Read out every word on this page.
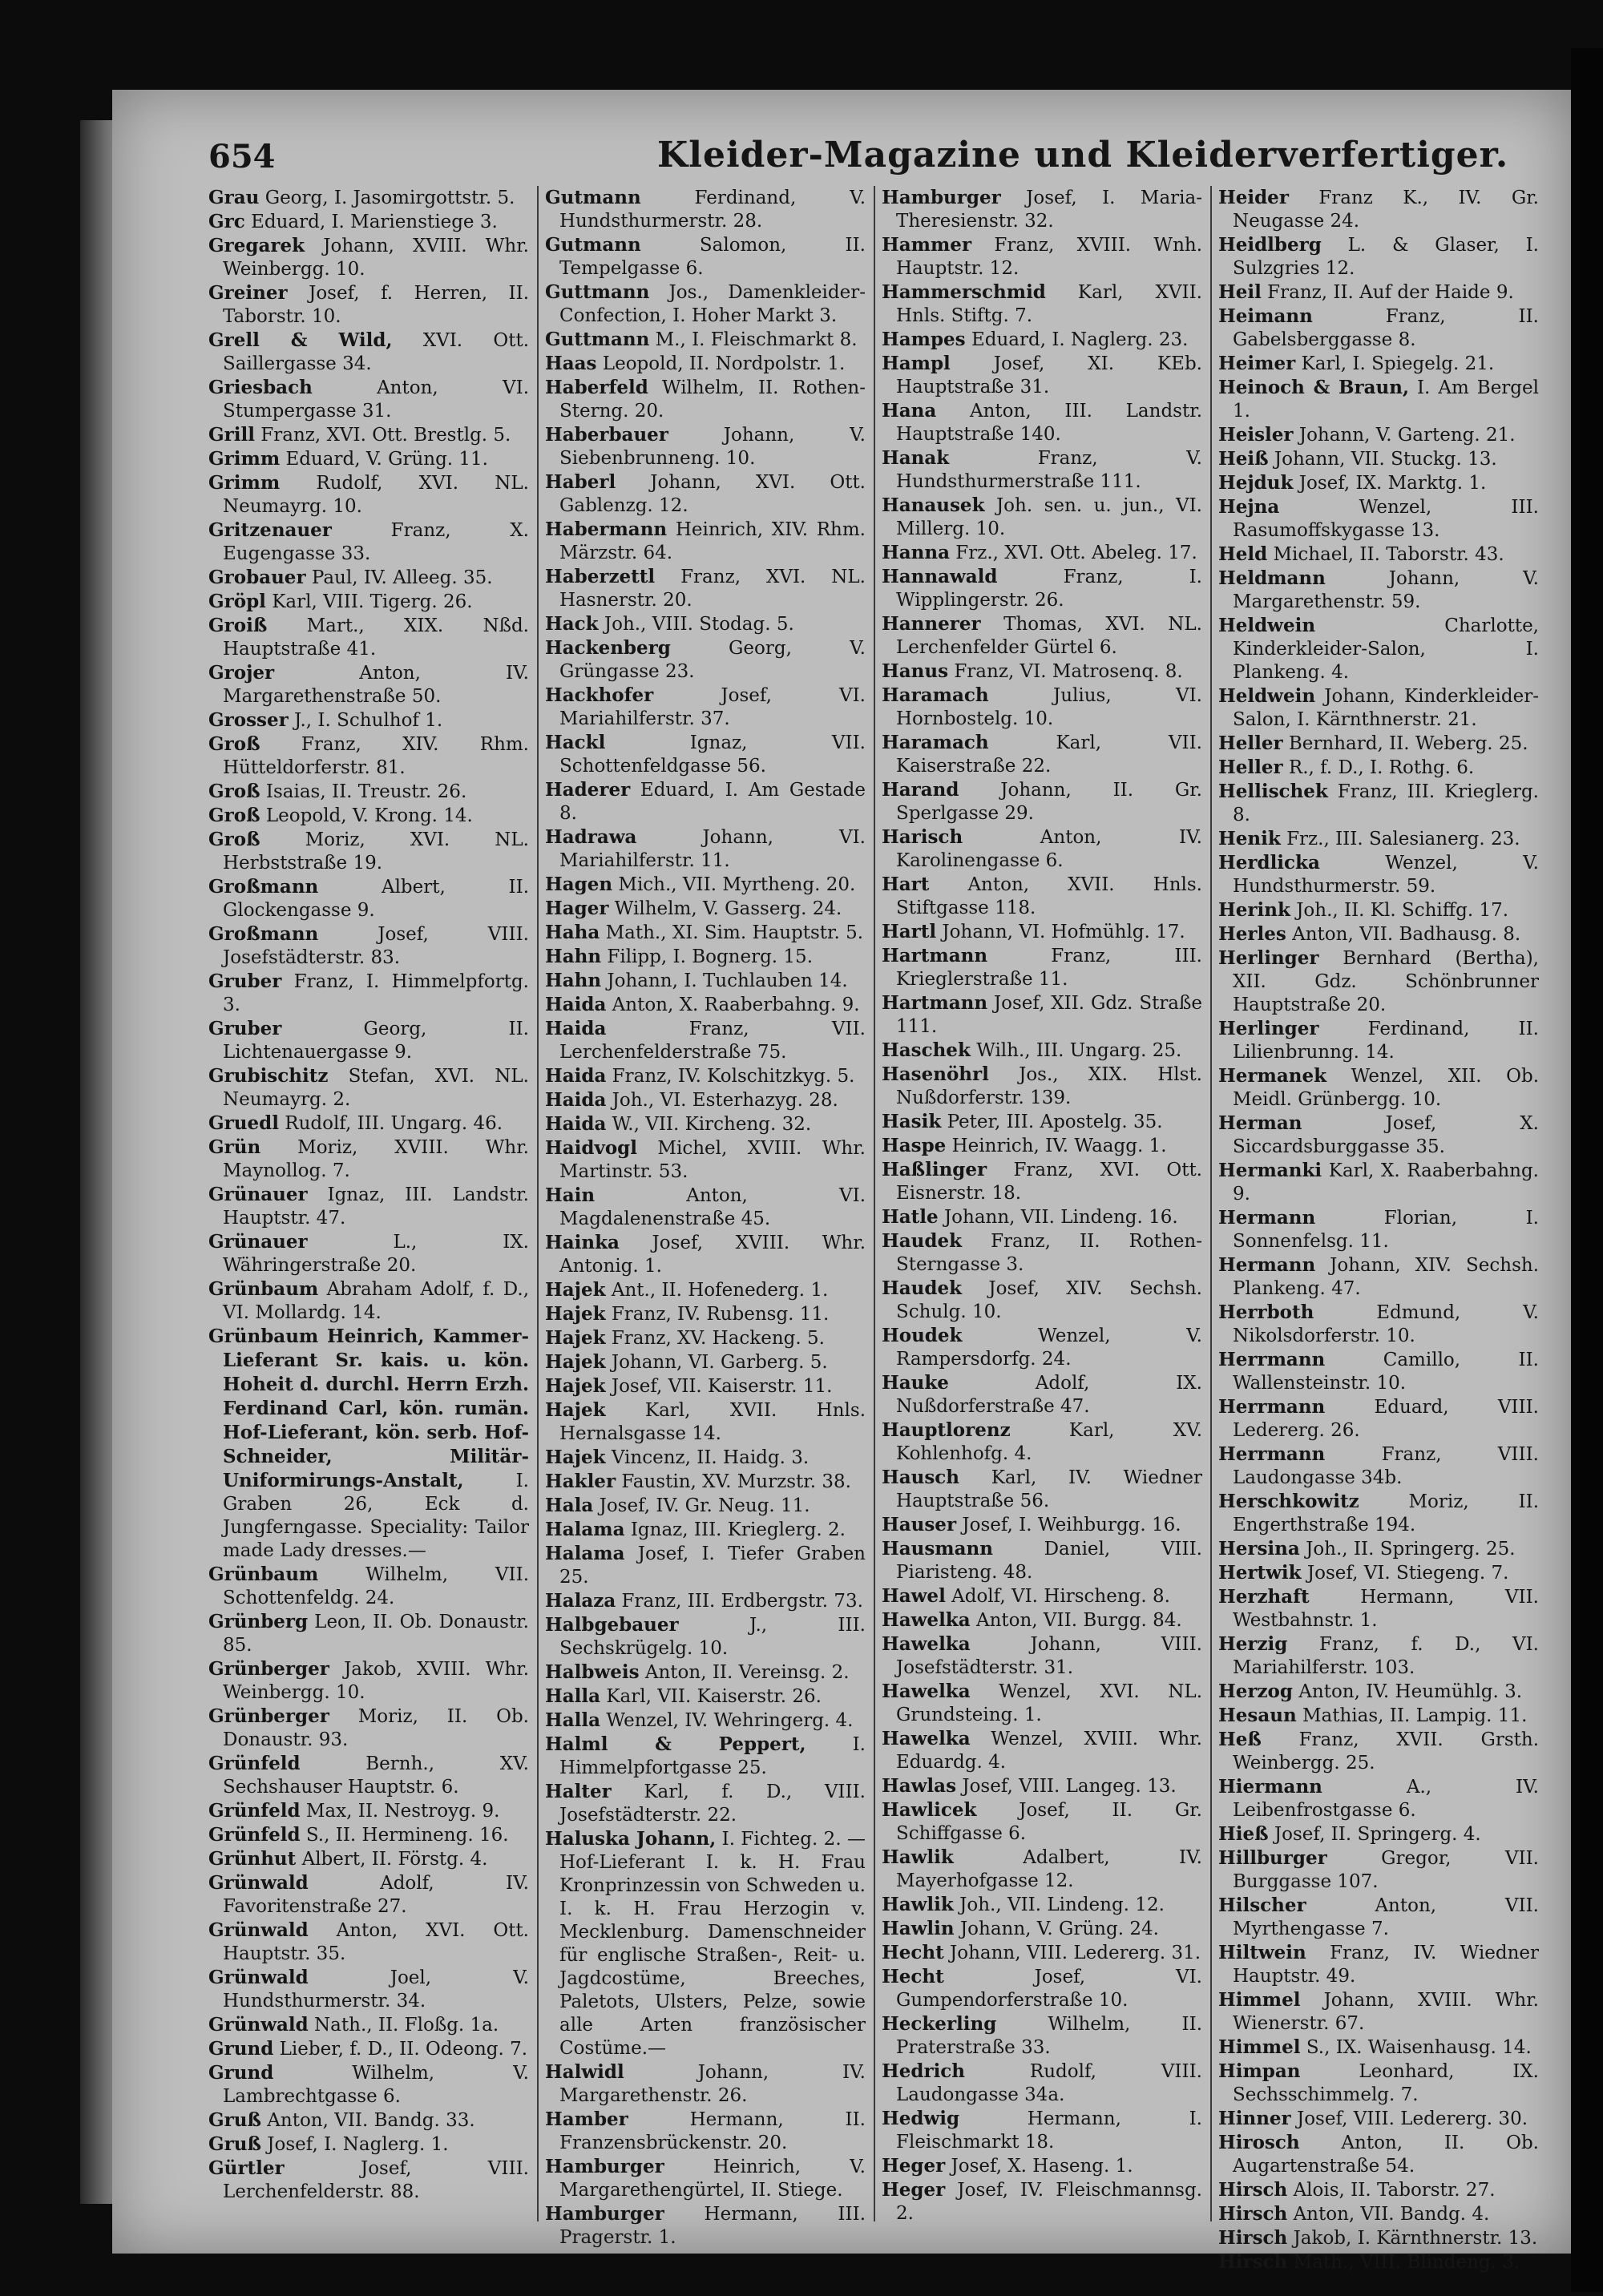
654	Kleider-Magazine und Kleiderverfertiger.
Grau Georg, I. Jasomirgottstr. 5.
Grc Eduard, I. Marienstiege 3.
Gregarek Johann, XVIII. Whr. Weinbergg. 10.
Greiner Josef, f. Herren, II. Taborstr. 10.
Grell & Wild, XVI. Ott. Saillergasse 34.
Griesbach Anton, VI. Stumpergasse 31.
Grill Franz, XVI. Ott. Brestlg. 5.
Grimm Eduard, V. Grüng. 11.
Grimm Rudolf, XVI. NL. Neumayrg. 10.
Gritzenauer Franz, X. Eugengasse 33.
Grobauer Paul, IV. Alleeg. 35.
Gröpl Karl, VIII. Tigerg. 26.
Groiß Mart., XIX. Nßd. Hauptstraße 41.
Grojer Anton, IV. Margarethenstraße 50.
Grosser J., I. Schulhof 1.
Groß Franz, XIV. Rhm. Hütteldorferstr. 81.
Groß Isaias, II. Treustr. 26.
Groß Leopold, V. Krong. 14.
Groß Moriz, XVI. NL. Herbststraße 19.
Großmann Albert, II. Glockengasse 9.
Großmann Josef, VIII. Josefstädterstr. 83.
Gruber Franz, I. Himmelpfortg. 3.
Gruber Georg, II. Lichtenauergasse 9.
Grubischitz Stefan, XVI. NL. Neumayrg. 2.
Gruedl Rudolf, III. Ungarg. 46.
Grün Moriz, XVIII. Whr. Maynollog. 7.
Grünauer Ignaz, III. Landstr. Hauptstr. 47.
Grünauer L., IX. Währingerstraße 20.
Grünbaum Abraham Adolf, f. D., VI. Mollardg. 14.
Grünbaum Heinrich, Kammer-Lieferant Sr. kais. u. kön. Hoheit d. durchl. Herrn Erzh. Ferdinand Carl, kön. rumän. Hof-Lieferant, kön. serb. Hof-Schneider, Militär-Uniformirungs-Anstalt, I. Graben 26, Eck d. Jungferngasse. Speciality: Tailor made Lady dresses.—
Grünbaum Wilhelm, VII. Schottenfeldg. 24.
Grünberg Leon, II. Ob. Donaustr. 85.
Grünberger Jakob, XVIII. Whr. Weinbergg. 10.
Grünberger Moriz, II. Ob. Donaustr. 93.
Grünfeld Bernh., XV. Sechshauser Hauptstr. 6.
Grünfeld Max, II. Nestroyg. 9.
Grünfeld S., II. Hermineng. 16.
Grünhut Albert, II. Förstg. 4.
Grünwald Adolf, IV. Favoritenstraße 27.
Grünwald Anton, XVI. Ott. Hauptstr. 35.
Grünwald Joel, V. Hundsthurmerstr. 34.
Grünwald Nath., II. Floßg. 1a.
Grund Lieber, f. D., II. Odeong. 7.
Grund Wilhelm, V. Lambrechtgasse 6.
Gruß Anton, VII. Bandg. 33.
Gruß Josef, I. Naglerg. 1.
Gürtler Josef, VIII. Lerchenfelderstr. 88.
Gutmann Ferdinand, V. Hundsthurmerstr. 28.
Gutmann Salomon, II. Tempelgasse 6.
Guttmann Jos., Damenkleider-Confection, I. Hoher Markt 3.
Guttmann M., I. Fleischmarkt 8.
Haas Leopold, II. Nordpolstr. 1.
Haberfeld Wilhelm, II. Rothen-Sterng. 20.
Haberbauer Johann, V. Siebenbrunneng. 10.
Haberl Johann, XVI. Ott. Gablenzg. 12.
Habermann Heinrich, XIV. Rhm. Märzstr. 64.
Haberzettl Franz, XVI. NL. Hasnerstr. 20.
Hack Joh., VIII. Stodag. 5.
Hackenberg Georg, V. Grüngasse 23.
Hackhofer Josef, VI. Mariahilferstr. 37.
Hackl Ignaz, VII. Schottenfeldgasse 56.
Haderer Eduard, I. Am Gestade 8.
Hadrawa Johann, VI. Mariahilferstr. 11.
Hagen Mich., VII. Myrtheng. 20.
Hager Wilhelm, V. Gasserg. 24.
Haha Math., XI. Sim. Hauptstr. 5.
Hahn Filipp, I. Bognerg. 15.
Hahn Johann, I. Tuchlauben 14.
Haida Anton, X. Raaberbahng. 9.
Haida Franz, VII. Lerchenfelderstraße 75.
Haida Franz, IV. Kolschitzkyg. 5.
Haida Joh., VI. Esterhazyg. 28.
Haida W., VII. Kircheng. 32.
Haidvogl Michel, XVIII. Whr. Martinstr. 53.
Hain Anton, VI. Magdalenenstraße 45.
Hainka Josef, XVIII. Whr. Antonig. 1.
Hajek Ant., II. Hofenederg. 1.
Hajek Franz, IV. Rubensg. 11.
Hajek Franz, XV. Hackeng. 5.
Hajek Johann, VI. Garberg. 5.
Hajek Josef, VII. Kaiserstr. 11.
Hajek Karl, XVII. Hnls. Hernalsgasse 14.
Hajek Vincenz, II. Haidg. 3.
Hakler Faustin, XV. Murzstr. 38.
Hala Josef, IV. Gr. Neug. 11.
Halama Ignaz, III. Krieglerg. 2.
Halama Josef, I. Tiefer Graben 25.
Halaza Franz, III. Erdbergstr. 73.
Halbgebauer J., III. Sechskrügelg. 10.
Halbweis Anton, II. Vereinsg. 2.
Halla Karl, VII. Kaiserstr. 26.
Halla Wenzel, IV. Wehringerg. 4.
Halml & Peppert, I. Himmelpfortgasse 25.
Halter Karl, f. D., VIII. Josefstädterstr. 22.
Haluska Johann, I. Fichteg. 2. —Hof-Lieferant I. k. H. Frau Kronprinzessin von Schweden u. I. k. H. Frau Herzogin v. Mecklenburg. Damenschneider für englische Straßen-, Reit- u. Jagdcostüme, Breeches, Paletots, Ulsters, Pelze, sowie alle Arten französischer Costüme.—
Halwidl Johann, IV. Margarethenstr. 26.
Hamber Hermann, II. Franzensbrückenstr. 20.
Hamburger Heinrich, V. Margarethengürtel, II. Stiege.
Hamburger Hermann, III. Pragerstr. 1.
Hamburger Josef, I. Maria-Theresienstr. 32.
Hammer Franz, XVIII. Wnh. Hauptstr. 12.
Hammerschmid Karl, XVII. Hnls. Stiftg. 7.
Hampes Eduard, I. Naglerg. 23.
Hampl Josef, XI. KEb. Hauptstraße 31.
Hana Anton, III. Landstr. Hauptstraße 140.
Hanak Franz, V. Hundsthurmerstraße 111.
Hanausek Joh. sen. u. jun., VI. Millerg. 10.
Hanna Frz., XVI. Ott. Abeleg. 17.
Hannawald Franz, I. Wipplingerstr. 26.
Hannerer Thomas, XVI. NL. Lerchenfelder Gürtel 6.
Hanus Franz, VI. Matrosenq. 8.
Haramach Julius, VI. Hornbostelg. 10.
Haramach Karl, VII. Kaiserstraße 22.
Harand Johann, II. Gr. Sperlgasse 29.
Harisch Anton, IV. Karolinengasse 6.
Hart Anton, XVII. Hnls. Stiftgasse 118.
Hartl Johann, VI. Hofmühlg. 17.
Hartmann Franz, III. Krieglerstraße 11.
Hartmann Josef, XII. Gdz. Straße 111.
Haschek Wilh., III. Ungarg. 25.
Hasenöhrl Jos., XIX. Hlst. Nußdorferstr. 139.
Hasik Peter, III. Apostelg. 35.
Haspe Heinrich, IV. Waagg. 1.
Haßlinger Franz, XVI. Ott. Eisnerstr. 18.
Hatle Johann, VII. Lindeng. 16.
Haudek Franz, II. Rothen-Sterngasse 3.
Haudek Josef, XIV. Sechsh. Schulg. 10.
Houdek Wenzel, V. Rampersdorfg. 24.
Hauke Adolf, IX. Nußdorferstraße 47.
Hauptlorenz Karl, XV. Kohlenhofg. 4.
Hausch Karl, IV. Wiedner Hauptstraße 56.
Hauser Josef, I. Weihburgg. 16.
Hausmann Daniel, VIII. Piaristeng. 48.
Hawel Adolf, VI. Hirscheng. 8.
Hawelka Anton, VII. Burgg. 84.
Hawelka Johann, VIII. Josefstädterstr. 31.
Hawelka Wenzel, XVI. NL. Grundsteing. 1.
Hawelka Wenzel, XVIII. Whr. Eduardg. 4.
Hawlas Josef, VIII. Langeg. 13.
Hawlicek Josef, II. Gr. Schiffgasse 6.
Hawlik Adalbert, IV. Mayerhofgasse 12.
Hawlik Joh., VII. Lindeng. 12.
Hawlin Johann, V. Grüng. 24.
Hecht Johann, VIII. Ledererg. 31.
Hecht Josef, VI. Gumpendorferstraße 10.
Heckerling Wilhelm, II. Praterstraße 33.
Hedrich Rudolf, VIII. Laudongasse 34a.
Hedwig Hermann, I. Fleischmarkt 18.
Heger Josef, X. Haseng. 1.
Heger Josef, IV. Fleischmannsg. 2.
Heider Franz K., IV. Gr. Neugasse 24.
Heidlberg L. & Glaser, I. Sulzgries 12.
Heil Franz, II. Auf der Haide 9.
Heimann Franz, II. Gabelsberggasse 8.
Heimer Karl, I. Spiegelg. 21.
Heinoch & Braun, I. Am Bergel 1.
Heisler Johann, V. Garteng. 21.
Heiß Johann, VII. Stuckg. 13.
Hejduk Josef, IX. Marktg. 1.
Hejna Wenzel, III. Rasumoffskygasse 13.
Held Michael, II. Taborstr. 43.
Heldmann Johann, V. Margarethenstr. 59.
Heldwein Charlotte, Kinderkleider-Salon, I. Plankeng. 4.
Heldwein Johann, Kinderkleider-Salon, I. Kärnthnerstr. 21.
Heller Bernhard, II. Weberg. 25.
Heller R., f. D., I. Rothg. 6.
Hellischek Franz, III. Krieglerg. 8.
Henik Frz., III. Salesianerg. 23.
Herdlicka Wenzel, V. Hundsthurmerstr. 59.
Herink Joh., II. Kl. Schiffg. 17.
Herles Anton, VII. Badhausg. 8.
Herlinger Bernhard (Bertha), XII. Gdz. Schönbrunner Hauptstraße 20.
Herlinger Ferdinand, II. Lilienbrunng. 14.
Hermanek Wenzel, XII. Ob. Meidl. Grünbergg. 10.
Herman Josef, X. Siccardsburggasse 35.
Hermanki Karl, X. Raaberbahng. 9.
Hermann Florian, I. Sonnenfelsg. 11.
Hermann Johann, XIV. Sechsh. Plankeng. 47.
Herrboth Edmund, V. Nikolsdorferstr. 10.
Herrmann Camillo, II. Wallensteinstr. 10.
Herrmann Eduard, VIII. Ledererg. 26.
Herrmann Franz, VIII. Laudongasse 34b.
Herschkowitz Moriz, II. Engerthstraße 194.
Hersina Joh., II. Springerg. 25.
Hertwik Josef, VI. Stiegeng. 7.
Herzhaft Hermann, VII. Westbahnstr. 1.
Herzig Franz, f. D., VI. Mariahilferstr. 103.
Herzog Anton, IV. Heumühlg. 3.
Hesaun Mathias, II. Lampig. 11.
Heß Franz, XVII. Grsth. Weinbergg. 25.
Hiermann A., IV. Leibenfrostgasse 6.
Hieß Josef, II. Springerg. 4.
Hillburger Gregor, VII. Burggasse 107.
Hilscher Anton, VII. Myrthengasse 7.
Hiltwein Franz, IV. Wiedner Hauptstr. 49.
Himmel Johann, XVIII. Whr. Wienerstr. 67.
Himmel S., IX. Waisenhausg. 14.
Himpan Leonhard, IX. Sechsschimmelg. 7.
Hinner Josef, VIII. Ledererg. 30.
Hirosch Anton, II. Ob. Augartenstraße 54.
Hirsch Alois, II. Taborstr. 27.
Hirsch Anton, VII. Bandg. 4.
Hirsch Jakob, I. Kärnthnerstr. 13.
Hirsch Math., VIII. Blindeng. 3.
